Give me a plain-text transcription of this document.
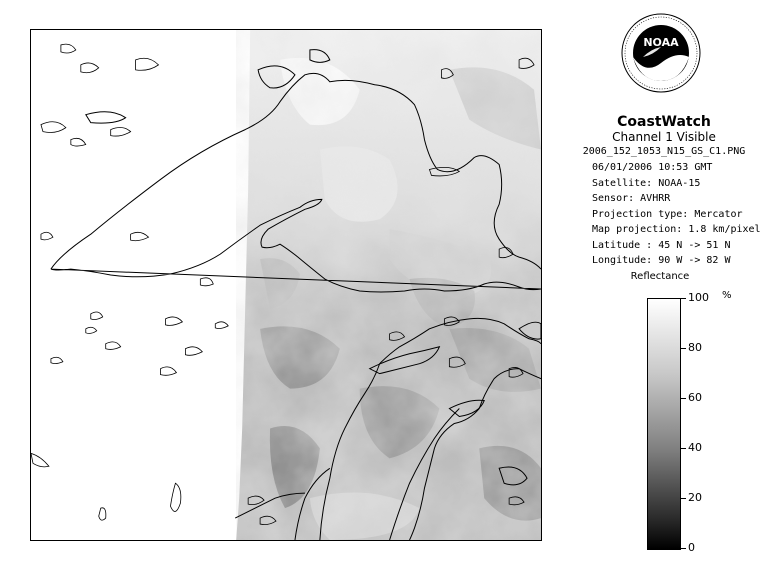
NOAA
CoastWatch
Channel 1 Visible
2006_152_1053_N15_GS_C1.PNG
06/01/2006 10:53 GMT
Satellite: NOAA-15
Sensor: AVHRR
Projection type: Mercator
Map projection: 1.8 km/pixel
Latitude : 45 N -> 51 N
Longitude: 90 W -> 82 W
Reflectance
%
100
80
60
40
20
0
